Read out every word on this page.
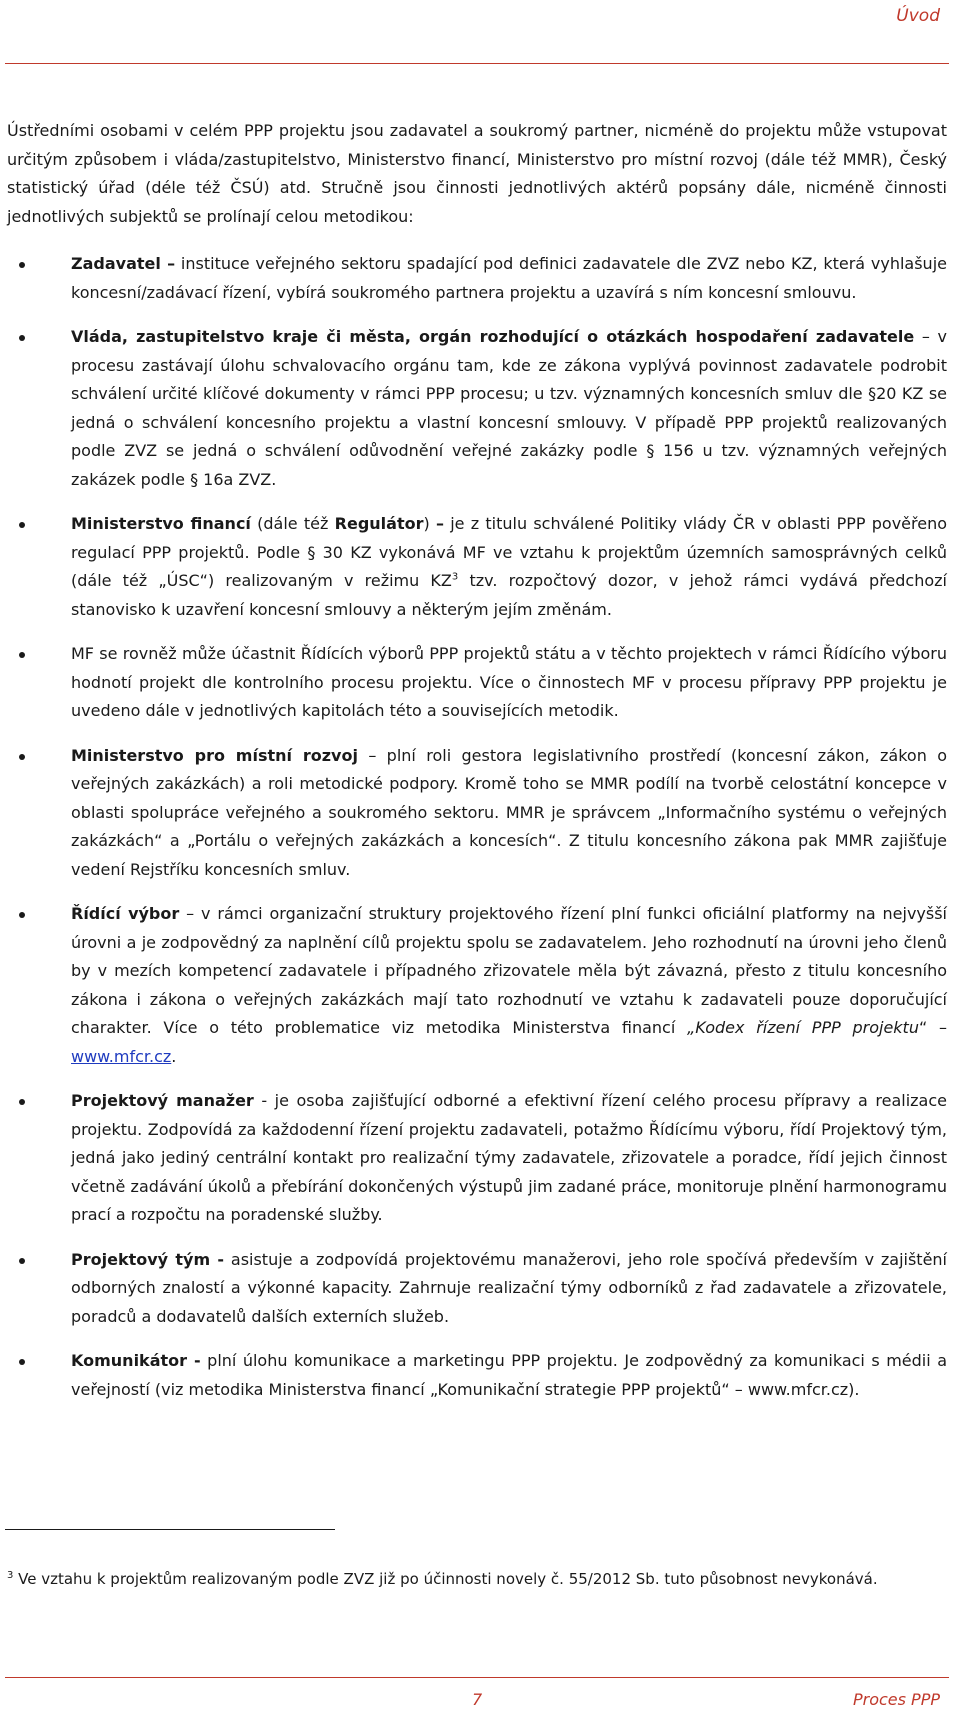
Úvod

Ústředními osobami v celém PPP projektu jsou zadavatel a soukromý partner, nicméně do projektu může vstupovat určitým způsobem i vláda/zastupitelstvo, Ministerstvo financí, Ministerstvo pro místní rozvoj (dále též MMR), Český statistický úřad (déle též ČSÚ) atd. Stručně jsou činnosti jednotlivých aktérů popsány dále, nicméně činnosti jednotlivých subjektů se prolínají celou metodikou:

Zadavatel – instituce veřejného sektoru spadající pod definici zadavatele dle ZVZ nebo KZ, která vyhlašuje koncesní/zadávací řízení, vybírá soukromého partnera projektu a uzavírá s ním koncesní smlouvu.
Vláda, zastupitelstvo kraje či města, orgán rozhodující o otázkách hospodaření zadavatele – v procesu zastávají úlohu schvalovacího orgánu tam, kde ze zákona vyplývá povinnost zadavatele podrobit schválení určité klíčové dokumenty v rámci PPP procesu; u tzv. významných koncesních smluv dle §20 KZ se jedná o schválení koncesního projektu a vlastní koncesní smlouvy. V případě PPP projektů realizovaných podle ZVZ se jedná o schválení odůvodnění veřejné zakázky podle § 156 u tzv. významných veřejných zakázek podle § 16a ZVZ.
Ministerstvo financí (dále též Regulátor) – je z titulu schválené Politiky vlády ČR v oblasti PPP pověřeno regulací PPP projektů. Podle § 30 KZ vykonává MF ve vztahu k projektům územních samosprávných celků (dále též „ÚSC“) realizovaným v režimu $KZ^3$ tzv. rozpočtový dozor, v jehož rámci vydává předchozí stanovisko k uzavření koncesní smlouvy a některým jejím změnám.
MF se rovněž může účastnit Řídících výborů PPP projektů státu a v těchto projektech v rámci Řídícího výboru hodnotí projekt dle kontrolního procesu projektu. Více o činnostech MF v procesu přípravy PPP projektu je uvedeno dále v jednotlivých kapitolách této a souvisejících metodik.
Ministerstvo pro místní rozvoj – plní roli gestora legislativního prostředí (koncesní zákon, zákon o veřejných zakázkách) a roli metodické podpory. Kromě toho se MMR podílí na tvorbě celostátní koncepce v oblasti spolupráce veřejného a soukromého sektoru. MMR je správcem „Informačního systému o veřejných zakázkách“ a „Portálu o veřejných zakázkách a koncesích“. Z titulu koncesního zákona pak MMR zajišťuje vedení Rejstříku koncesních smluv.
Řídící výbor – v rámci organizační struktury projektového řízení plní funkci oficiální platformy na nejvyšší úrovni a je zodpovědný za naplnění cílů projektu spolu se zadavatelem. Jeho rozhodnutí na úrovni jeho členů by v mezích kompetencí zadavatele i případného zřizovatele měla být závazná, přesto z titulu koncesního zákona i zákona o veřejných zakázkách mají tato rozhodnutí ve vztahu k zadavateli pouze doporučující charakter. Více o této problematice viz metodika Ministerstva financí „Kodex řízení PPP projektu“ – www.mfcr.cz.
Projektový manažer - je osoba zajišťující odborné a efektivní řízení celého procesu přípravy a realizace projektu. Zodpovídá za každodenní řízení projektu zadavateli, potažmo Řídícímu výboru, řídí Projektový tým, jedná jako jediný centrální kontakt pro realizační týmy zadavatele, zřizovatele a poradce, řídí jejich činnost včetně zadávání úkolů a přebírání dokončených výstupů jim zadané práce, monitoruje plnění harmonogramu prací a rozpočtu na poradenské služby.
Projektový tým - asistuje a zodpovídá projektovému manažerovi, jeho role spočívá především v zajištění odborných znalostí a výkonné kapacity. Zahrnuje realizační týmy odborníků z řad zadavatele a zřizovatele, poradců a dodavatelů dalších externích služeb.
Komunikátor - plní úlohu komunikace a marketingu PPP projektu. Je zodpovědný za komunikaci s médii a veřejností (viz metodika Ministerstva financí „Komunikační strategie PPP projektů“ – www.mfcr.cz).
$^3$ Ve vztahu k projektům realizovaným podle ZVZ již po účinnosti novely č. 55/2012 Sb. tuto působnost nevykonává.
7	Proces PPP
